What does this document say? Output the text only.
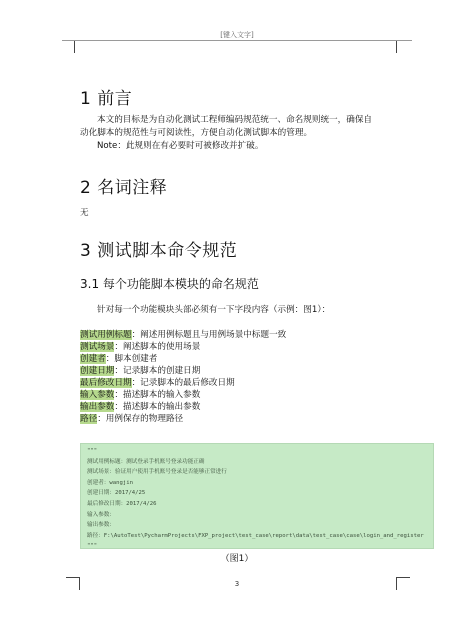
[键入文字]
1 前言
本文的目标是为自动化测试工程师编码规范统一、命名规则统一，确保自
动化脚本的规范性与可阅读性，方便自动化测试脚本的管理。
Note：此规则在有必要时可被修改并扩破。
2 名词注释
无
3 测试脚本命令规范
3.1 每个功能脚本模块的命名规范
针对每一个功能模块头部必须有一下字段内容（示例：图1）：
测试用例标题：阐述用例标题且与用例场景中标题一致
测试场景：阐述脚本的使用场景
创建者：脚本创建者
创建日期：记录脚本的创建日期
最后修改日期：记录脚本的最后修改日期
输入参数：描述脚本的输入参数
输出参数：描述脚本的输出参数
路径：用例保存的物理路径
"""
测试用例标题：测试登录手机账号登录功能正确
测试场景：验证用户使用手机账号登录是否能够正常进行
创建者：wangjin
创建日期：2017/4/25
最后修改日期：2017/4/26
输入参数：
输出参数：
路径：F:\AutoTest\PycharmProjects\FXP_project\test_case\report\data\test_case\case\login_and_register
"""
（图1）
3
